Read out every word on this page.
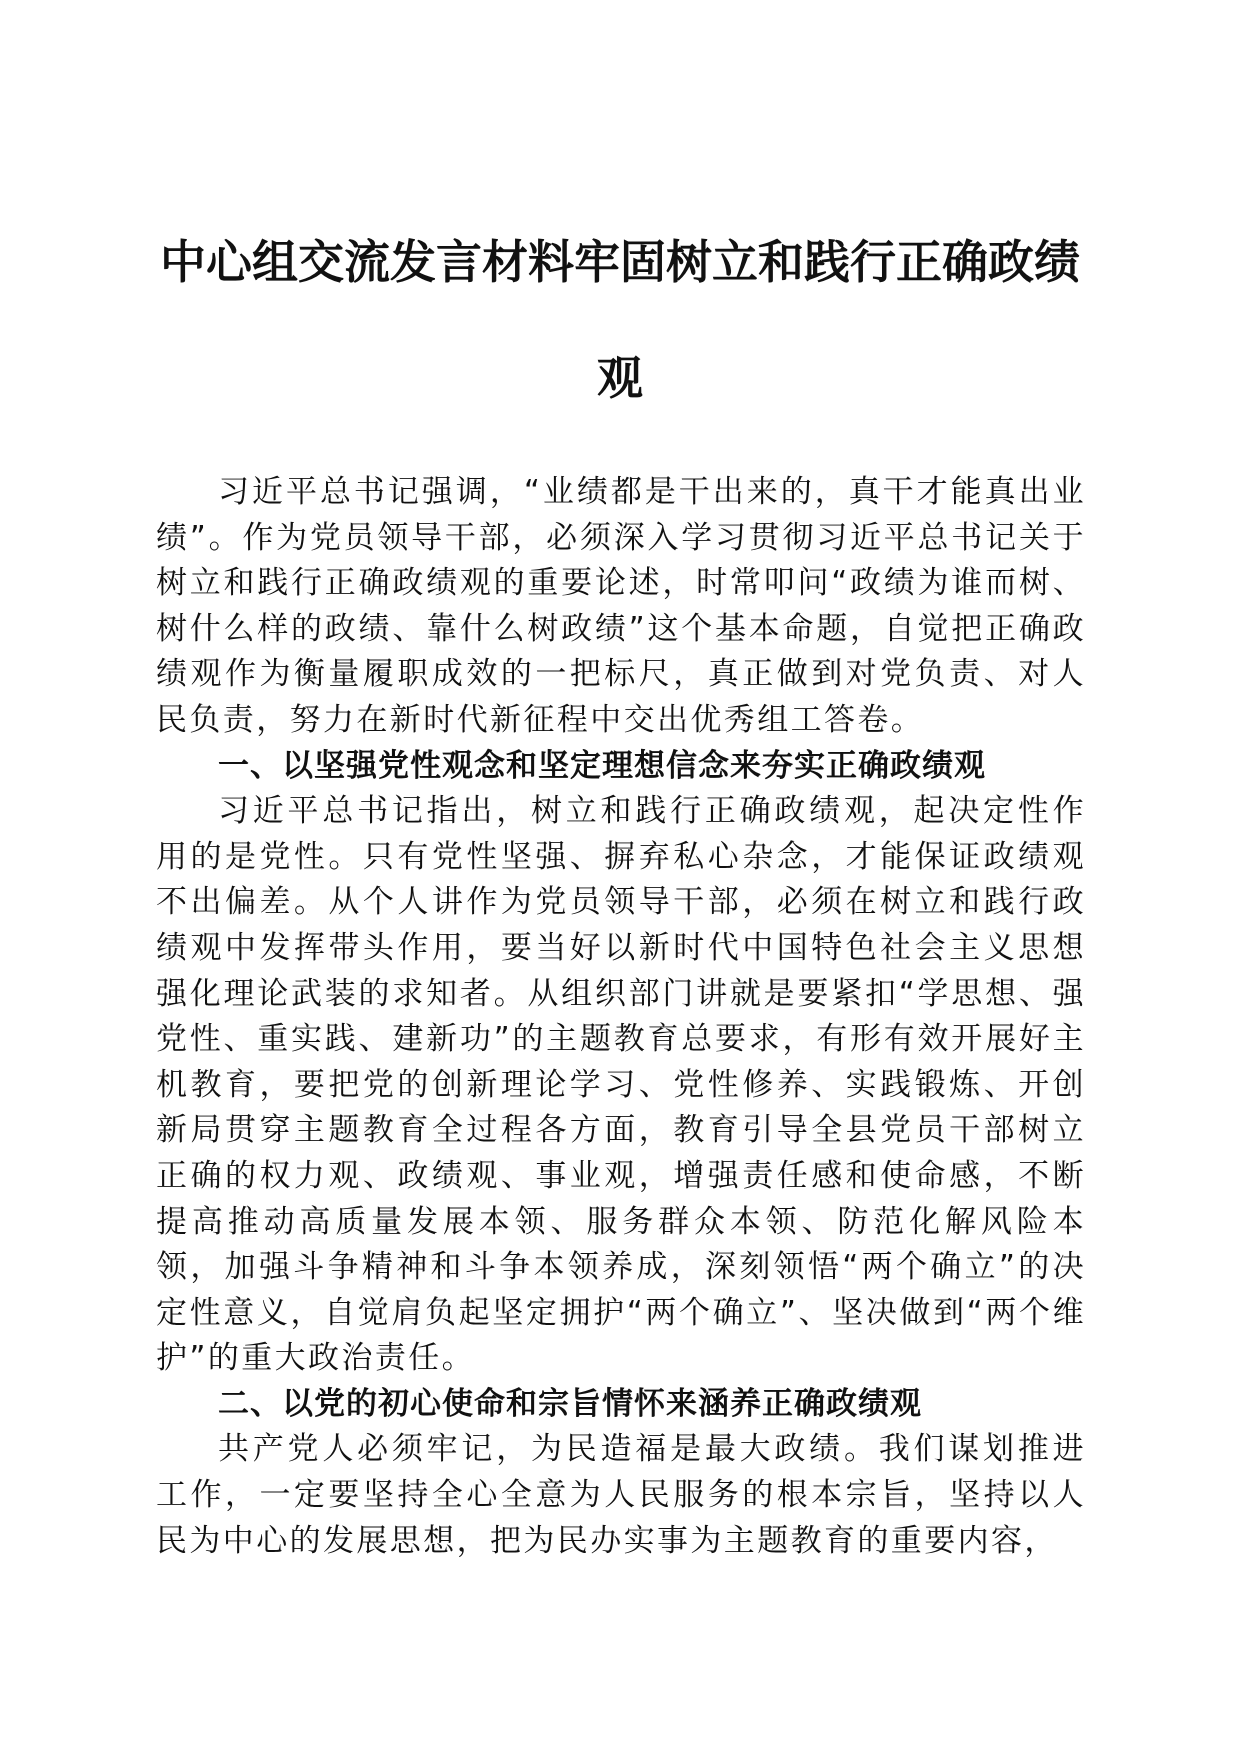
中心组交流发言材料牢固树立和践行正确政绩
观

习近平总书记强调，“业绩都是干出来的，真干才能真出业绩”。作为党员领导干部，必须深入学习贯彻习近平总书记关于树立和践行正确政绩观的重要论述，时常叩问“政绩为谁而树、树什么样的政绩、靠什么树政绩”这个基本命题，自觉把正确政绩观作为衡量履职成效的一把标尺，真正做到对党负责、对人民负责，努力在新时代新征程中交出优秀组工答卷。

一、以坚强党性观念和坚定理想信念来夯实正确政绩观

习近平总书记指出，树立和践行正确政绩观，起决定性作用的是党性。只有党性坚强、摒弃私心杂念，才能保证政绩观不出偏差。从个人讲作为党员领导干部，必须在树立和践行政绩观中发挥带头作用，要当好以新时代中国特色社会主义思想强化理论武装的求知者。从组织部门讲就是要紧扣“学思想、强党性、重实践、建新功”的主题教育总要求，有形有效开展好主机教育，要把党的创新理论学习、党性修养、实践锻炼、开创新局贯穿主题教育全过程各方面，教育引导全县党员干部树立正确的权力观、政绩观、事业观，增强责任感和使命感，不断提高推动高质量发展本领、服务群众本领、防范化解风险本领，加强斗争精神和斗争本领养成，深刻领悟“两个确立”的决定性意义，自觉肩负起坚定拥护“两个确立”、坚决做到“两个维护”的重大政治责任。

二、以党的初心使命和宗旨情怀来涵养正确政绩观

共产党人必须牢记，为民造福是最大政绩。我们谋划推进工作，一定要坚持全心全意为人民服务的根本宗旨，坚持以人民为中心的发展思想，把为民办实事为主题教育的重要内容，
